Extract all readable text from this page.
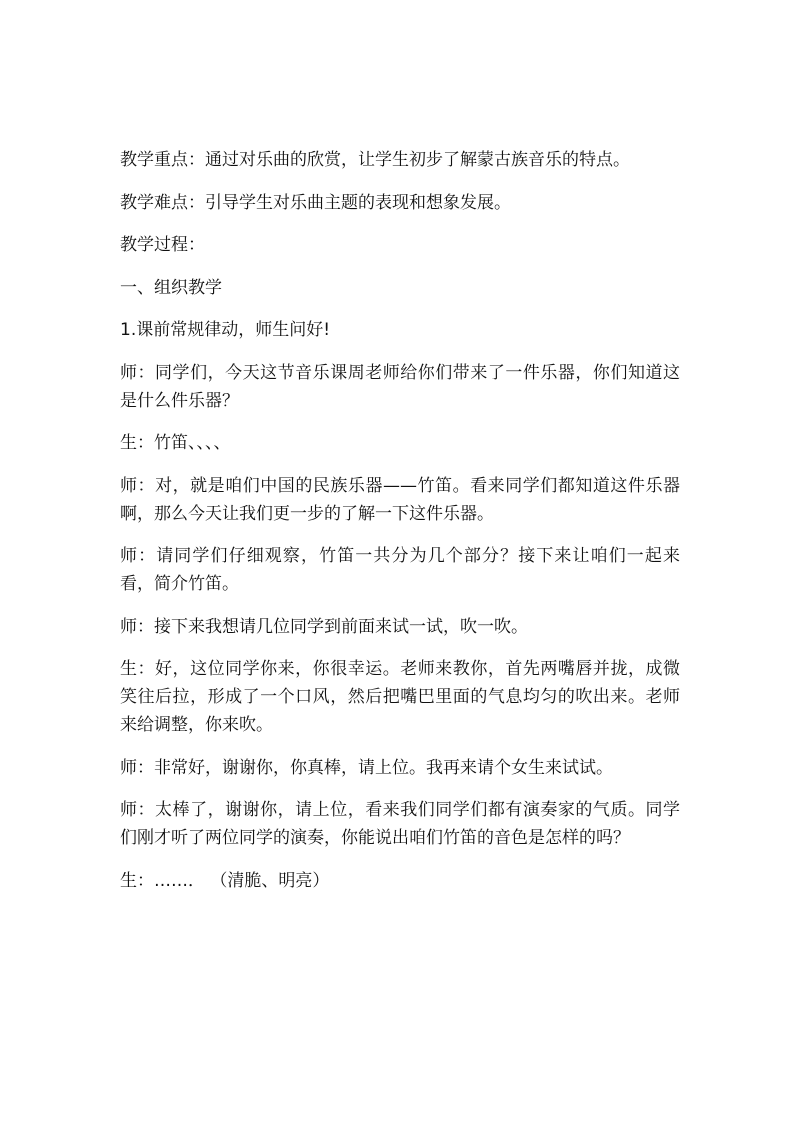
教学重点：通过对乐曲的欣赏，让学生初步了解蒙古族音乐的特点。

教学难点：引导学生对乐曲主题的表现和想象发展。

教学过程：

一、组织教学

1.课前常规律动，师生问好!

师：同学们，今天这节音乐课周老师给你们带来了一件乐器，你们知道这是什么件乐器？

生：竹笛、、、、

师：对，就是咱们中国的民族乐器——竹笛。看来同学们都知道这件乐器啊，那么今天让我们更一步的了解一下这件乐器。

师：请同学们仔细观察，竹笛一共分为几个部分？接下来让咱们一起来看，简介竹笛。

师：接下来我想请几位同学到前面来试一试，吹一吹。

生：好，这位同学你来，你很幸运。老师来教你，首先两嘴唇并拢，成微笑往后拉，形成了一个口风，然后把嘴巴里面的气息均匀的吹出来。老师来给调整，你来吹。

师：非常好，谢谢你，你真棒，请上位。我再来请个女生来试试。

师：太棒了，谢谢你，请上位，看来我们同学们都有演奏家的气质。同学们刚才听了两位同学的演奏，你能说出咱们竹笛的音色是怎样的吗？

生：……． （清脆、明亮）
